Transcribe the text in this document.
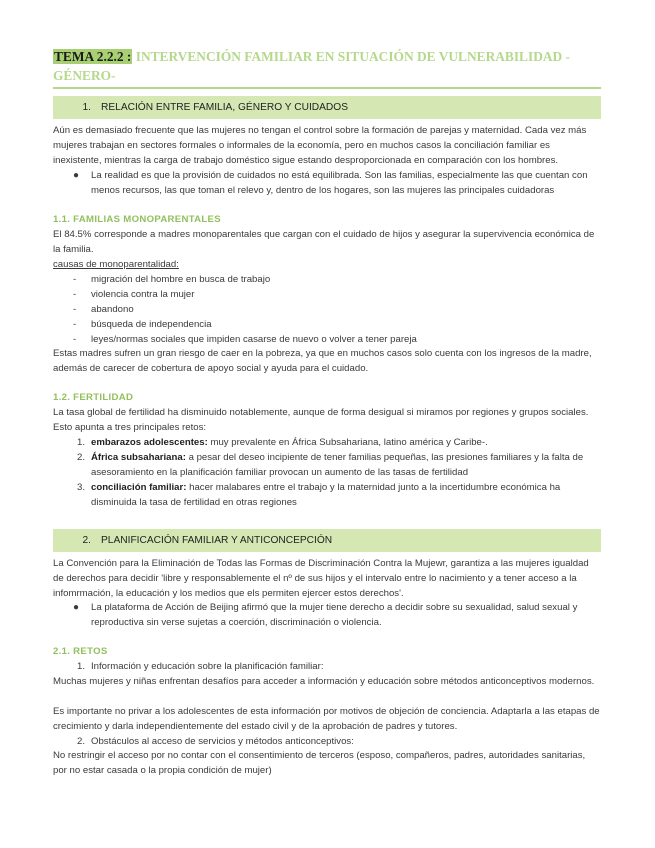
TEMA 2.2.2 : INTERVENCIÓN FAMILIAR EN SITUACIÓN DE VULNERABILIDAD -GÉNERO-
1. RELACIÓN ENTRE FAMILIA, GÉNERO Y CUIDADOS
Aún es demasiado frecuente que las mujeres no tengan el control sobre la formación de parejas y maternidad. Cada vez más mujeres trabajan en sectores formales o informales de la economía, pero en muchos casos la conciliación familiar es inexistente, mientras la carga de trabajo doméstico sigue estando desproporcionada en comparación con los hombres.
● La realidad es que la provisión de cuidados no está equilibrada. Son las familias, especialmente las que cuentan con menos recursos, las que toman el relevo y, dentro de los hogares, son las mujeres las principales cuidadoras
1.1. FAMILIAS MONOPARENTALES
El 84.5% corresponde a madres monoparentales que cargan con el cuidado de hijos y asegurar la supervivencia económica de la familia.
causas de monoparentalidad:
- migración del hombre en busca de trabajo
- violencia contra la mujer
- abandono
- búsqueda de independencia
- leyes/normas sociales que impiden casarse de nuevo o volver a tener pareja
Estas madres sufren un gran riesgo de caer en la pobreza, ya que en muchos casos solo cuenta con los ingresos de la madre, además de carecer de cobertura de apoyo social y ayuda para el cuidado.
1.2. FERTILIDAD
La tasa global de fertilidad ha disminuido notablemente, aunque de forma desigual si miramos por regiones y grupos sociales. Esto apunta a tres principales retos:
1. embarazos adolescentes: muy prevalente en África Subsahariana, latino américa y Caribe-.
2. África subsahariana: a pesar del deseo incipiente de tener familias pequeñas, las presiones familiares y la falta de asesoramiento en la planificación familiar provocan un aumento de las tasas de fertilidad
3. conciliación familiar: hacer malabares entre el trabajo y la maternidad junto a la incertidumbre económica ha disminuida la tasa de fertilidad en otras regiones
2. PLANIFICACIÓN FAMILIAR Y ANTICONCEPCIÓN
La Convención para la Eliminación de Todas las Formas de Discriminación Contra la Mujewr, garantiza a las mujeres igualdad de derechos para decidir 'libre y responsablemente el nº de sus hijos y el intervalo entre lo nacimiento y a tener acceso a la infomrmación, la educación y los medios que els permiten ejercer estos derechos'.
● La plataforma de Acción de Beijing afirmó que la mujer tiene derecho a decidir sobre su sexualidad, salud sexual y reproductiva sin verse sujetas a coerción, discriminación o violencia.
2.1. RETOS
1. Información y educación sobre la planificación familiar:
Muchas mujeres y niñas enfrentan desafíos para acceder a información y educación sobre métodos anticonceptivos modernos.
Es importante no privar a los adolescentes de esta información por motivos de objeción de conciencia. Adaptarla a las etapas de crecimiento y darla independientemente del estado civil y de la aprobación de padres y tutores.
2. Obstáculos al acceso de servicios y métodos anticonceptivos:
No restringir el acceso por no contar con el consentimiento de terceros (esposo, compañeros, padres, autoridades sanitarias, por no estar casada o la propia condición de mujer)
